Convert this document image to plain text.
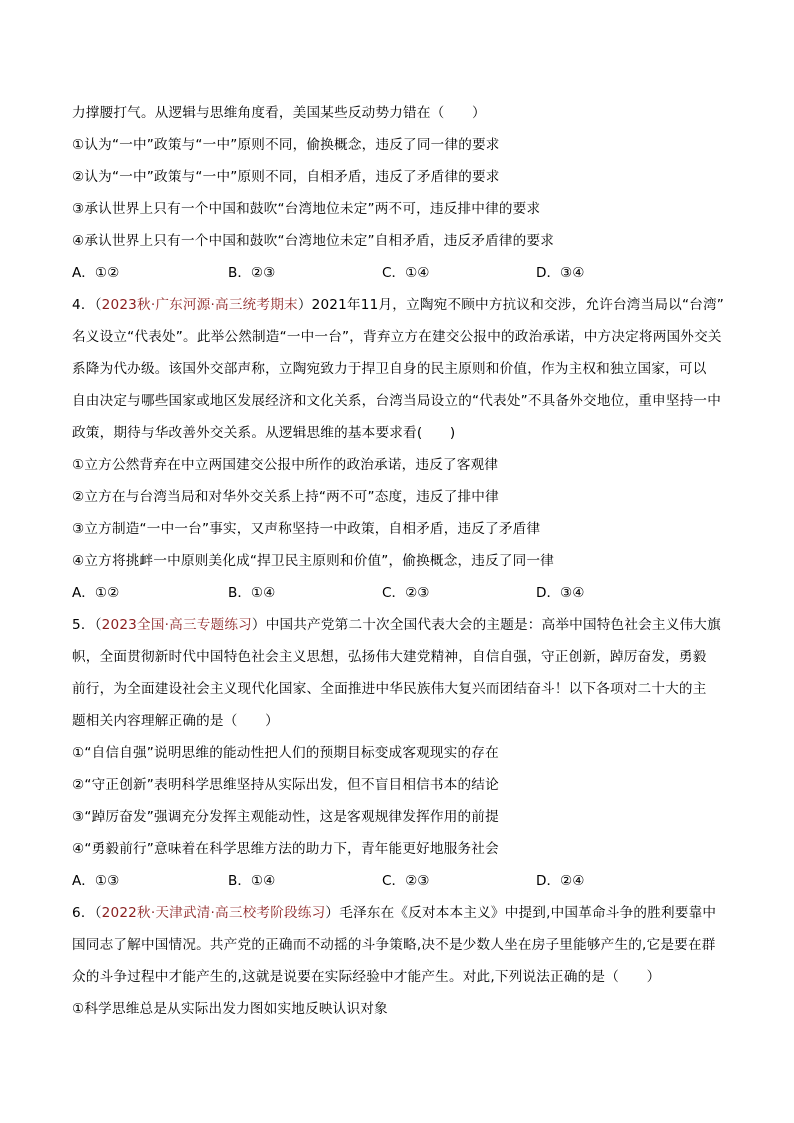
力撑腰打气。从逻辑与思维角度看，美国某些反动势力错在（　　）
①认为“一中”政策与“一中”原则不同，偷换概念，违反了同一律的要求
②认为“一中”政策与“一中”原则不同，自相矛盾，违反了矛盾律的要求
③承认世界上只有一个中国和鼓吹“台湾地位未定”两不可，违反排中律的要求
④承认世界上只有一个中国和鼓吹“台湾地位未定”自相矛盾，违反矛盾律的要求
A．①②	B．②③	C．①④	D．③④
4．（2023秋·广东河源·高三统考期末）2021年11月，立陶宛不顾中方抗议和交涉，允许台湾当局以“台湾”
名义设立“代表处”。此举公然制造“一中一台”，背弃立方在建交公报中的政治承诺，中方决定将两国外交关
系降为代办级。该国外交部声称，立陶宛致力于捍卫自身的民主原则和价值，作为主权和独立国家，可以
自由决定与哪些国家或地区发展经济和文化关系，台湾当局设立的“代表处”不具备外交地位，重申坚持一中
政策，期待与华改善外交关系。从逻辑思维的基本要求看(　　)
①立方公然背弃在中立两国建交公报中所作的政治承诺，违反了客观律
②立方在与台湾当局和对华外交关系上持“两不可”态度，违反了排中律
③立方制造“一中一台”事实，又声称坚持一中政策，自相矛盾，违反了矛盾律
④立方将挑衅一中原则美化成“捍卫民主原则和价值”，偷换概念，违反了同一律
A．①②	B．①④	C．②③	D．③④
5．（2023全国·高三专题练习）中国共产党第二十次全国代表大会的主题是：高举中国特色社会主义伟大旗
帜，全面贯彻新时代中国特色社会主义思想，弘扬伟大建党精神，自信自强，守正创新，踔厉奋发，勇毅
前行，为全面建设社会主义现代化国家、全面推进中华民族伟大复兴而团结奋斗！以下各项对二十大的主
题相关内容理解正确的是（　　）
①“自信自强”说明思维的能动性把人们的预期目标变成客观现实的存在
②“守正创新”表明科学思维坚持从实际出发，但不盲目相信书本的结论
③“踔厉奋发”强调充分发挥主观能动性，这是客观规律发挥作用的前提
④“勇毅前行”意味着在科学思维方法的助力下，青年能更好地服务社会
A．①③	B．①④	C．②③	D．②④
6．（2022秋·天津武清·高三校考阶段练习）毛泽东在《反对本本主义》中提到,中国革命斗争的胜利要靠中
国同志了解中国情况。共产党的正确而不动摇的斗争策略,决不是少数人坐在房子里能够产生的,它是要在群
众的斗争过程中才能产生的,这就是说要在实际经验中才能产生。对此,下列说法正确的是（　　）
①科学思维总是从实际出发力图如实地反映认识对象
